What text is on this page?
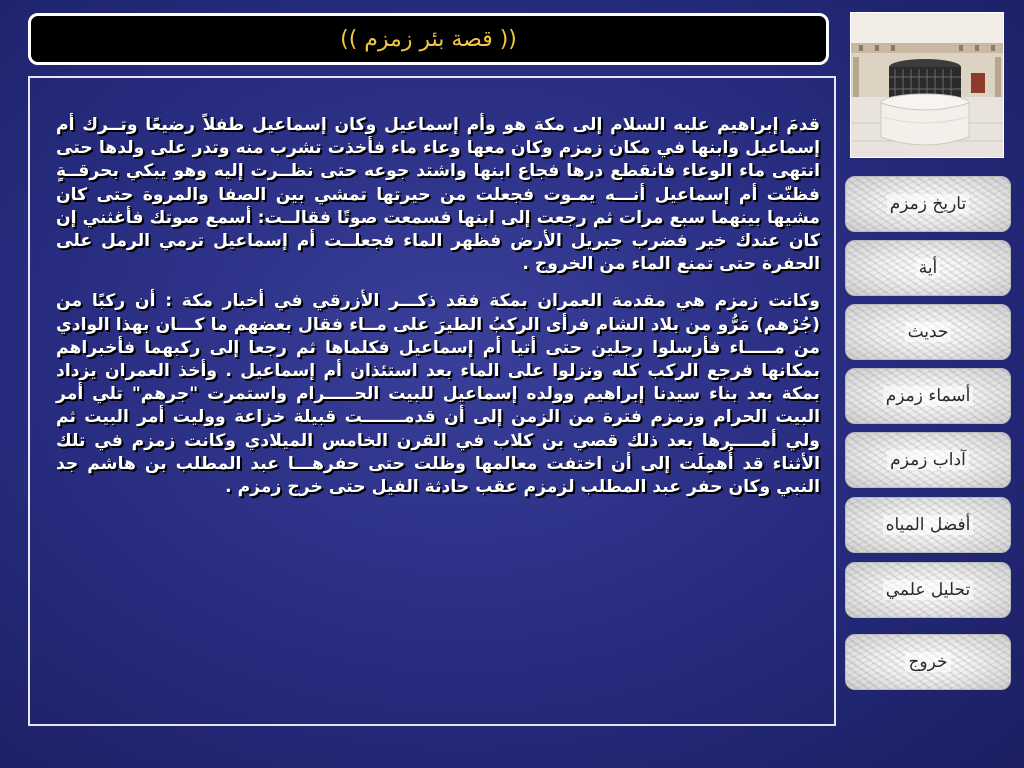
(( قصة بئر زمزم ))

قدمَ إبراهيم عليه السلام إلى مكة هو وأم إسماعيل وكان إسماعيل طفلاً رضيعًا وتــرك أم إسماعيل وابنها في مكان زمزم وكان معها وعاء ماء فأخذت تشرب منه وتدر على ولدها حتى انتهى ماء الوعاء فانقطع درها فجاع ابنها واشتد جوعه حتى نظــرت إليه وهو يبكي بحرقــةٍ فظنّت أم إسماعيل أنـــه يمـوت فجعلت من حيرتها تمشي بين الصفا والمروة حتى كان مشيها بينهما سبع مرات ثم رجعت إلى ابنها فسمعت صوتًا فقالــت: أسمع صوتك فأغثني إن كان عندك خير فضرب جبريل الأرض فظهر الماء فجعلــت أم إسماعيل ترمي الرمل على الحفرة حتى تمنع الماء من الخروج .

وكانت زمزم هي مقدمة العمران بمكة فقد ذكـــر الأزرقي في أخبار مكة : أن ركبًا من (جُرْهم) مَرُّو من بلاد الشام فرأى الركبُ الطيرَ على مــاء فقال بعضهم ما كـــان بهذا الوادي من مـــــاء فأرسلوا رجلين حتى أتيا أم إسماعيل فكلماها ثم رجعا إلى ركبهما فأخبراهم بمكانها فرجع الركب كله ونزلوا على الماء بعد استئذان أم إسماعيل . وأخذ العمران يزداد بمكة بعد بناء سيدنا إبراهيم وولده إسماعيل للبيت الحـــــرام واستمرت "جرهم" تلي أمر البيت الحرام وزمزم فترة من الزمن إلى أن قدمـــــــت قبيلة خزاعة ووليت أمر البيت ثم ولي أمـــــرها بعد ذلك قصي بن كلاب في القرن الخامس الميلادي وكانت زمزم في تلك الأثناء قد أُهمِلَت إلى أن اختفت معالمها وظلت حتى حفرهـــا عبد المطلب بن هاشم جد النبي وكان حفر عبد المطلب لزمزم عقب حادثة الفيل حتى خرج زمزم .

تاريخ زمزم
أية
حديث
أسماء زمزم
آداب زمزم
أفضل المياه
تحليل علمي
خروج
